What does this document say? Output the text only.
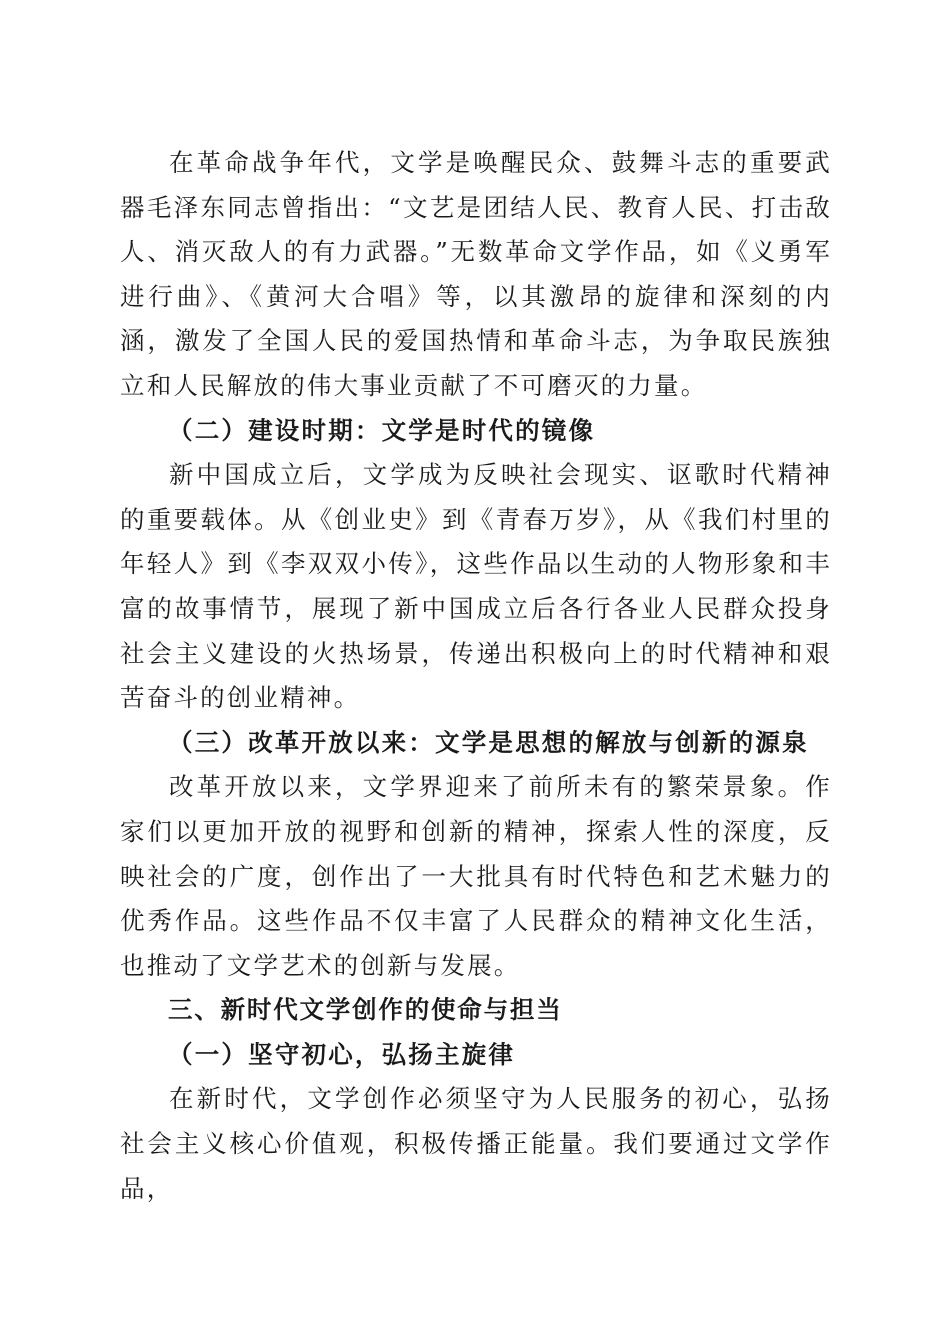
在革命战争年代，文学是唤醒民众、鼓舞斗志的重要武器毛泽东同志曾指出：“文艺是团结人民、教育人民、打击敌人、消灭敌人的有力武器。”无数革命文学作品，如《义勇军进行曲》、《黄河大合唱》等，以其激昂的旋律和深刻的内涵，激发了全国人民的爱国热情和革命斗志，为争取民族独立和人民解放的伟大事业贡献了不可磨灭的力量。

（二）建设时期：文学是时代的镜像

新中国成立后，文学成为反映社会现实、讴歌时代精神的重要载体。从《创业史》到《青春万岁》，从《我们村里的年轻人》到《李双双小传》，这些作品以生动的人物形象和丰富的故事情节，展现了新中国成立后各行各业人民群众投身社会主义建设的火热场景，传递出积极向上的时代精神和艰苦奋斗的创业精神。

（三）改革开放以来：文学是思想的解放与创新的源泉

改革开放以来，文学界迎来了前所未有的繁荣景象。作家们以更加开放的视野和创新的精神，探索人性的深度，反映社会的广度，创作出了一大批具有时代特色和艺术魅力的优秀作品。这些作品不仅丰富了人民群众的精神文化生活，也推动了文学艺术的创新与发展。

三、新时代文学创作的使命与担当

（一）坚守初心，弘扬主旋律

在新时代，文学创作必须坚守为人民服务的初心，弘扬社会主义核心价值观，积极传播正能量。我们要通过文学作品，
